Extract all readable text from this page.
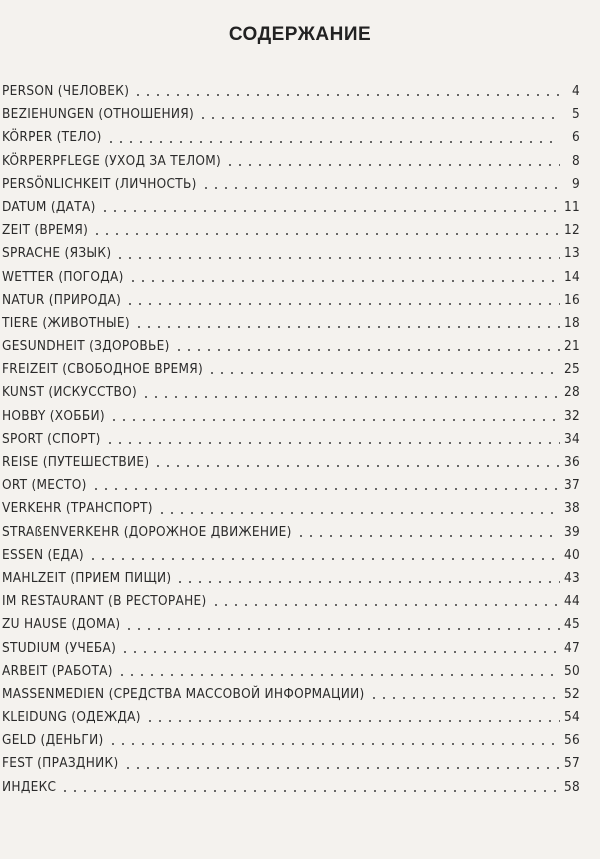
СОДЕРЖАНИЕ
PERSON (ЧЕЛОВЕК)	4
BEZIEHUNGEN (ОТНОШЕНИЯ)	5
KÖRPER (ТЕЛО)	6
KÖRPERPFLEGE (УХОД ЗА ТЕЛОМ)	8
PERSÖNLICHKEIT (ЛИЧНОСТЬ)	9
DATUM (ДАТА)	11
ZEIT (ВРЕМЯ)	12
SPRACHE (ЯЗЫК)	13
WETTER (ПОГОДА)	14
NATUR (ПРИРОДА)	16
TIERE (ЖИВОТНЫЕ)	18
GESUNDHEIT (ЗДОРОВЬЕ)	21
FREIZEIT (СВОБОДНОЕ ВРЕМЯ)	25
KUNST (ИСКУССТВО)	28
HOBBY (ХОББИ)	32
SPORT (СПОРТ)	34
REISE (ПУТЕШЕСТВИЕ)	36
ORT (МЕСТО)	37
VERKEHR (ТРАНСПОРТ)	38
STRAßENVERKEHR (ДОРОЖНОЕ ДВИЖЕНИЕ)	39
ESSEN (ЕДА)	40
MAHLZEIT (ПРИЕМ ПИЩИ)	43
IM RESTAURANT (В РЕСТОРАНЕ)	44
ZU HAUSE (ДОМА)	45
STUDIUM (УЧЕБА)	47
ARBEIT (РАБОТА)	50
MASSENMEDIEN (СРЕДСТВА МАССОВОЙ ИНФОРМАЦИИ)	52
KLEIDUNG (ОДЕЖДА)	54
GELD (ДЕНЬГИ)	56
FEST (ПРАЗДНИК)	57
ИНДЕКС	58
